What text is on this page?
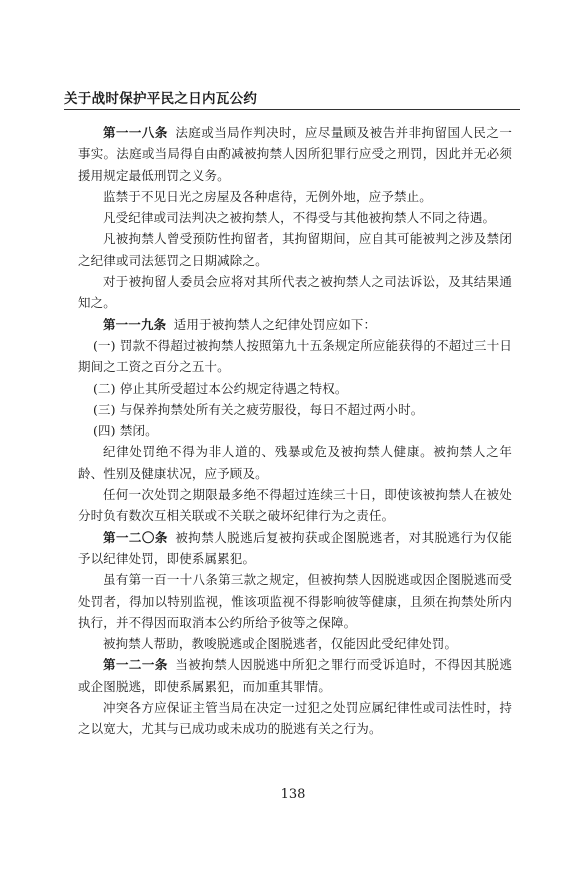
关于战时保护平民之日内瓦公约

第一一八条 法庭或当局作判决时，应尽量顾及被告并非拘留国人民之一事实。法庭或当局得自由酌减被拘禁人因所犯罪行应受之刑罚，因此并无必须援用规定最低刑罚之义务。

监禁于不见日光之房屋及各种虐待，无例外地，应予禁止。

凡受纪律或司法判决之被拘禁人，不得受与其他被拘禁人不同之待遇。

凡被拘禁人曾受预防性拘留者，其拘留期间，应自其可能被判之涉及禁闭之纪律或司法惩罚之日期减除之。

对于被拘留人委员会应将对其所代表之被拘禁人之司法诉讼，及其结果通知之。

第一一九条 适用于被拘禁人之纪律处罚应如下：

(一) 罚款不得超过被拘禁人按照第九十五条规定所应能获得的不超过三十日期间之工资之百分之五十。

(二) 停止其所受超过本公约规定待遇之特权。

(三) 与保养拘禁处所有关之疲劳服役，每日不超过两小时。

(四) 禁闭。

纪律处罚绝不得为非人道的、残暴或危及被拘禁人健康。被拘禁人之年龄、性别及健康状况，应予顾及。

任何一次处罚之期限最多绝不得超过连续三十日，即使该被拘禁人在被处分时负有数次互相关联或不关联之破坏纪律行为之责任。

第一二〇条 被拘禁人脱逃后复被拘获或企图脱逃者，对其脱逃行为仅能予以纪律处罚，即使系属累犯。

虽有第一百一十八条第三款之规定，但被拘禁人因脱逃或因企图脱逃而受处罚者，得加以特别监视，惟该项监视不得影响彼等健康，且须在拘禁处所内执行，并不得因而取消本公约所给予彼等之保障。

被拘禁人帮助，教唆脱逃或企图脱逃者，仅能因此受纪律处罚。

第一二一条 当被拘禁人因脱逃中所犯之罪行而受诉追时，不得因其脱逃或企图脱逃，即使系属累犯，而加重其罪情。

冲突各方应保证主管当局在决定一过犯之处罚应属纪律性或司法性时，持之以宽大，尤其与已成功或未成功的脱逃有关之行为。

138
